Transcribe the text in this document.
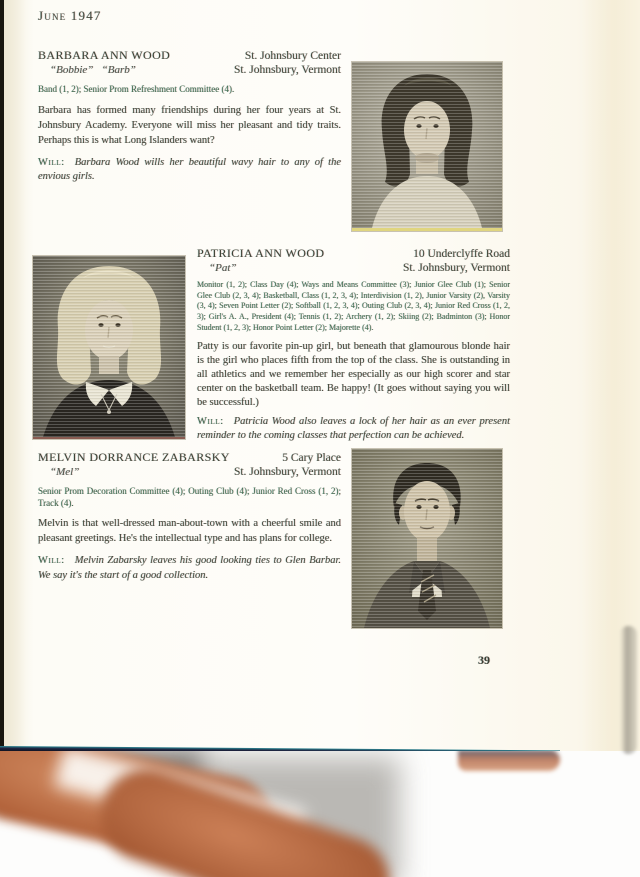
June 1947
BARBARA ANN WOOD	St. Johnsbury Center
“Bobbie”   “Barb”	St. Johnsbury, Vermont

Band (1, 2); Senior Prom Refreshment Committee (4).

Barbara has formed many friendships during her four years at St. Johnsbury Academy. Everyone will miss her pleasant and tidy traits. Perhaps this is what Long Islanders want?

Will: Barbara Wood wills her beautiful wavy hair to any of the envious girls.

PATRICIA ANN WOOD	10 Underclyffe Road
“Pat”	St. Johnsbury, Vermont

Monitor (1, 2); Class Day (4); Ways and Means Committee (3); Junior Glee Club (1); Senior Glee Club (2, 3, 4); Basketball, Class (1, 2, 3, 4); Interdivision (1, 2), Junior Varsity (2), Varsity (3, 4); Seven Point Letter (2); Softball (1, 2, 3, 4); Outing Club (2, 3, 4); Junior Red Cross (1, 2, 3); Girl's A. A., President (4); Tennis (1, 2); Archery (1, 2); Skiing (2); Badminton (3); Honor Student (1, 2, 3); Honor Point Letter (2); Majorette (4).

Patty is our favorite pin-up girl, but beneath that glamourous blonde hair is the girl who places fifth from the top of the class. She is outstanding in all athletics and we remember her especially as our high scorer and star center on the basketball team. Be happy! (It goes without saying you will be successful.)

Will: Patricia Wood also leaves a lock of her hair as an ever present reminder to the coming classes that perfection can be achieved.

MELVIN DORRANCE ZABARSKY	5 Cary Place
“Mel”	St. Johnsbury, Vermont

Senior Prom Decoration Committee (4); Outing Club (4); Junior Red Cross (1, 2); Track (4).

Melvin is that well-dressed man-about-town with a cheerful smile and pleasant greetings. He's the intellectual type and has plans for college.

Will: Melvin Zabarsky leaves his good looking ties to Glen Barbar. We say it's the start of a good collection.

39
